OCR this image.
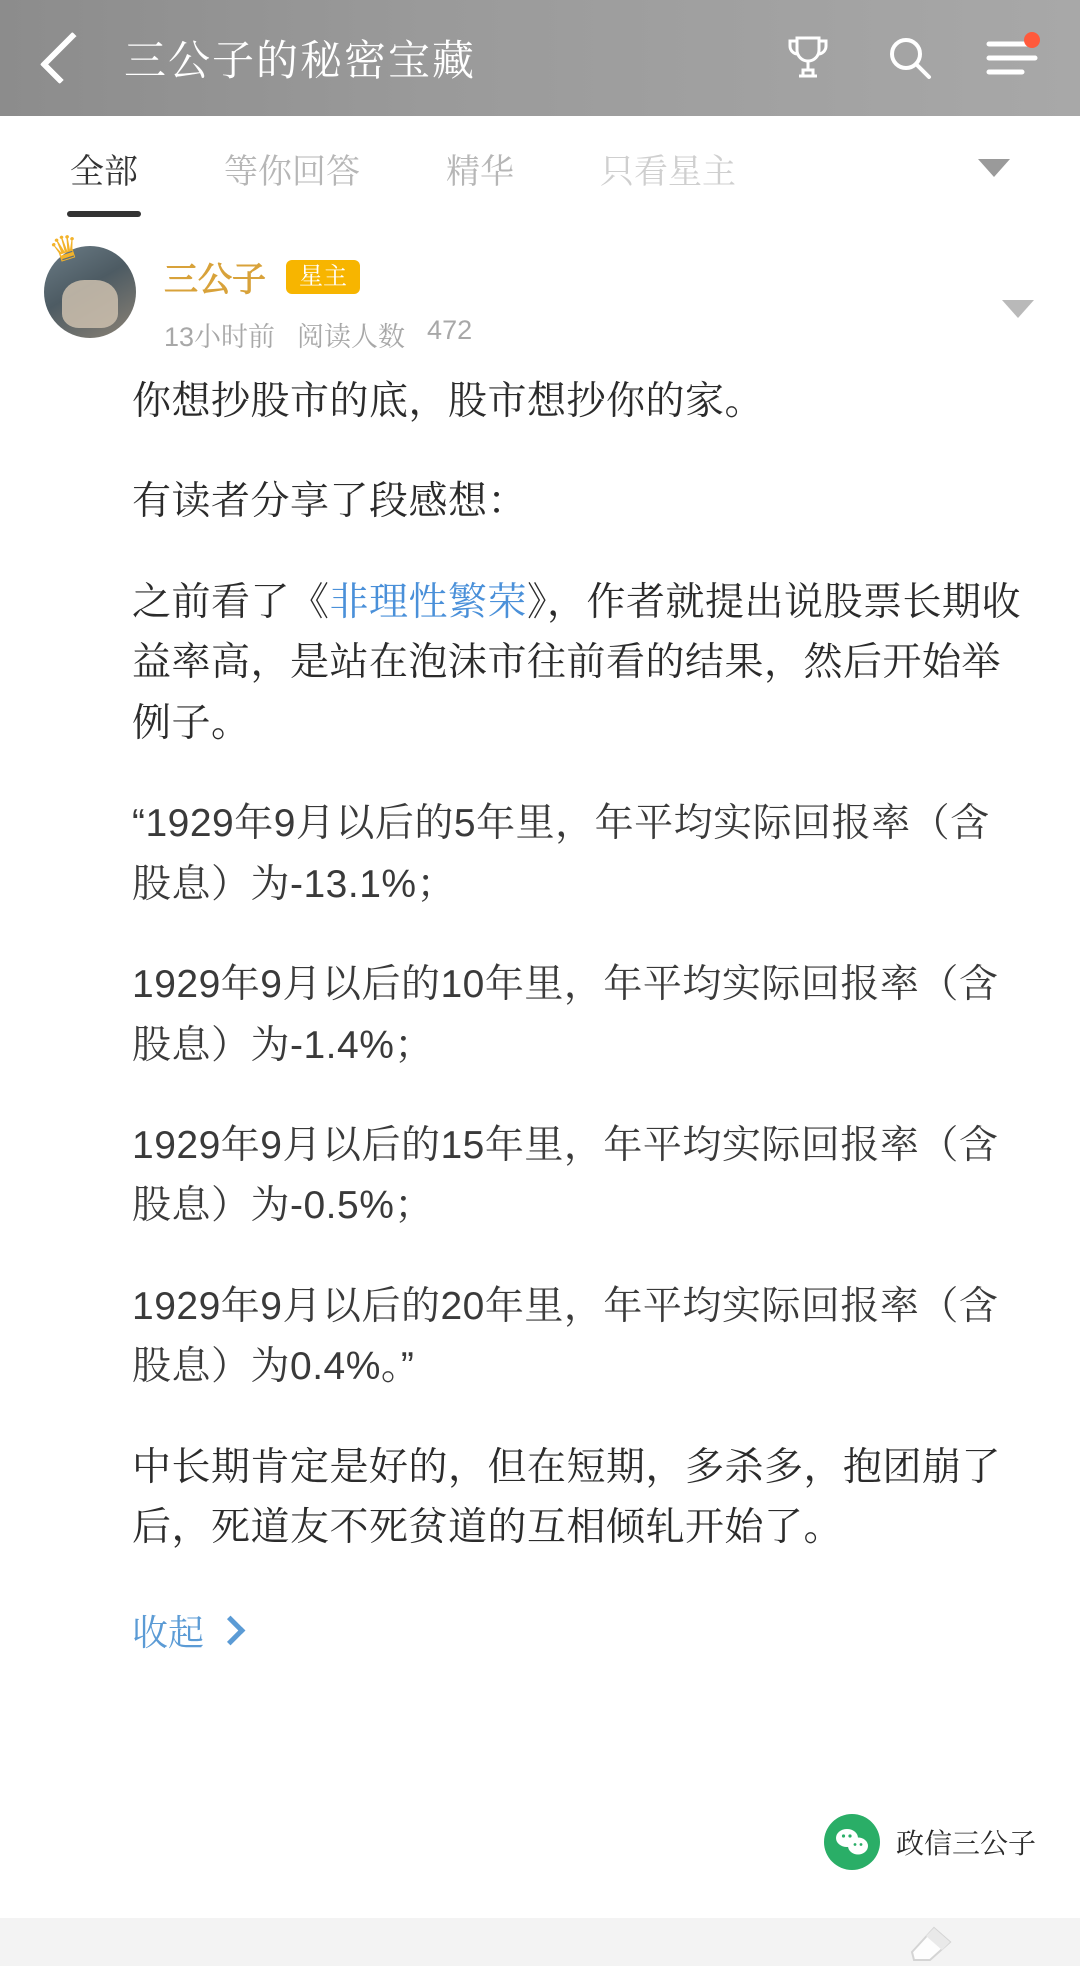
三公子的秘密宝藏
全部	等你回答	精华	只看星主
♛
三公子	星主
13小时前 阅读人数 472

你想抄股市的底，股市想抄你的家。

有读者分享了段感想：

之前看了《非理性繁荣》，作者就提出说股票长期收益率高，是站在泡沫市往前看的结果，然后开始举例子。

“1929年9月以后的5年里，年平均实际回报率（含股息）为-13.1%；

1929年9月以后的10年里，年平均实际回报率（含股息）为-1.4%；

1929年9月以后的15年里，年平均实际回报率（含股息）为-0.5%；

1929年9月以后的20年里，年平均实际回报率（含股息）为0.4%。”

中长期肯定是好的，但在短期，多杀多，抱团崩了后，死道友不死贫道的互相倾轧开始了。

收起
政信三公子
